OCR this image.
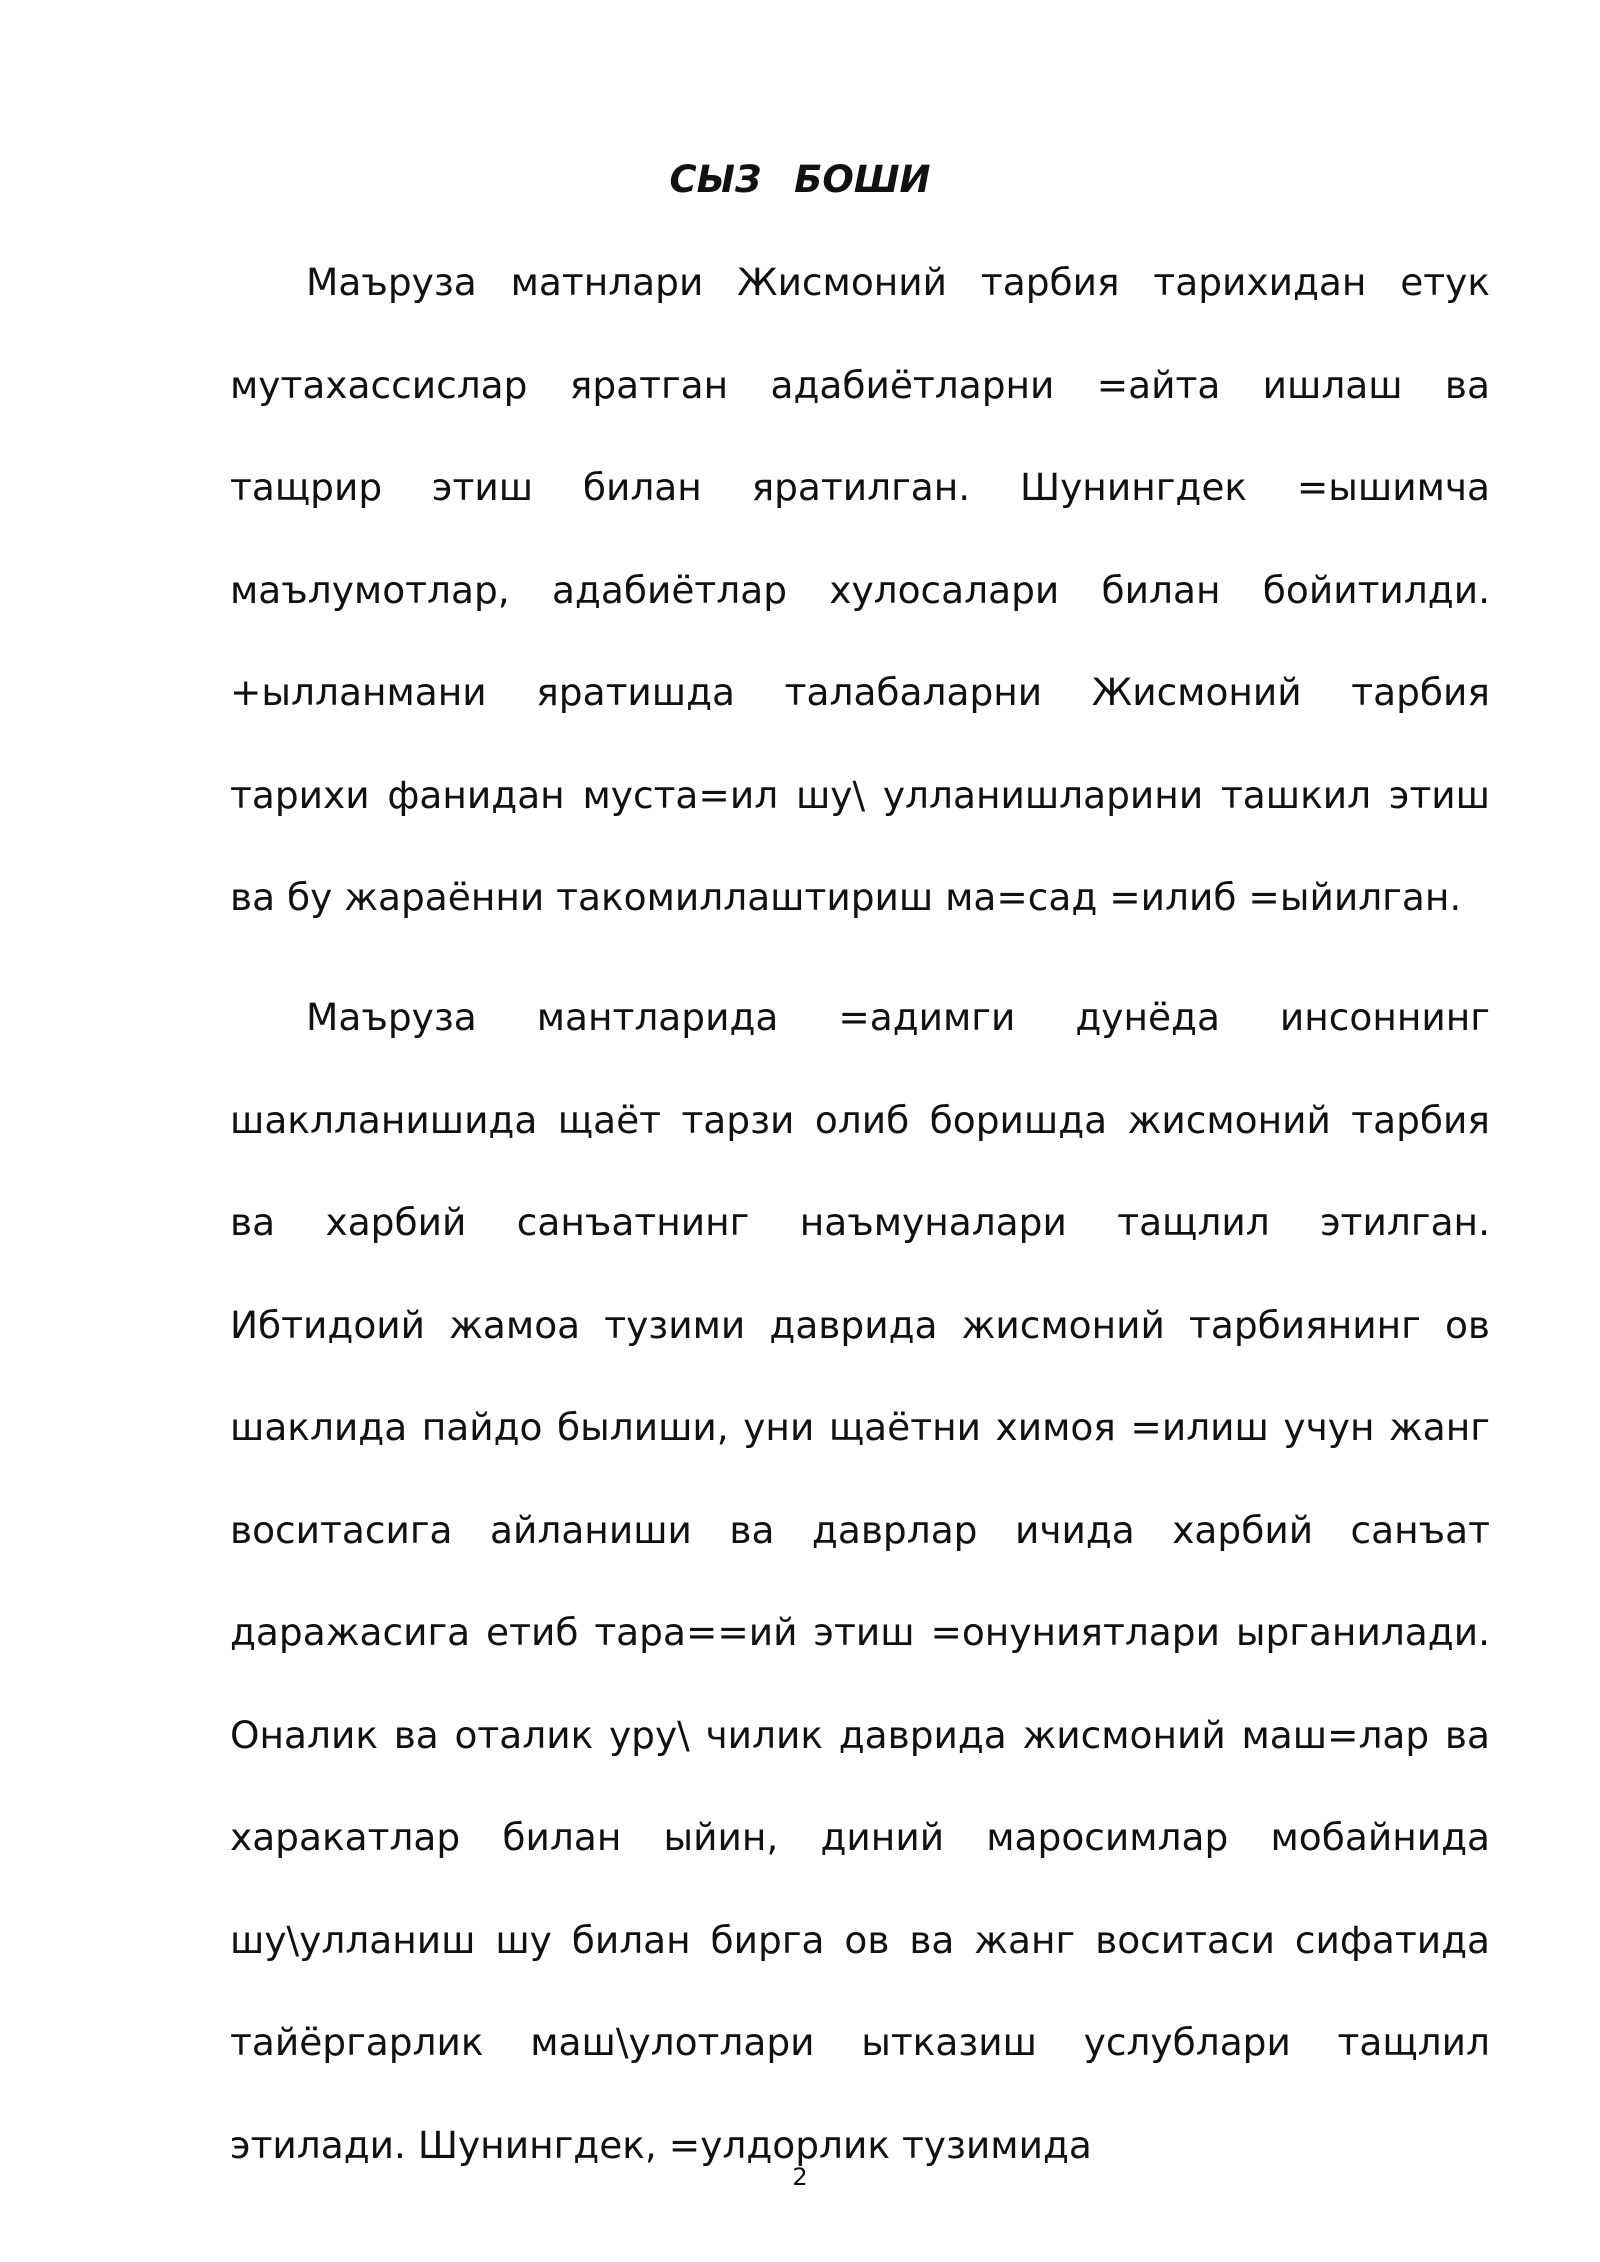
СЫЗ БОШИ

Маъруза матнлари Жисмоний тарбия тарихидан етук мутахассислар яратган адабиётларни =айта ишлаш ва тащрир этиш билан яратилган. Шунингдек =ышимча маълумотлар, адабиётлар хулосалари билан бойитилди. +ылланмани яратишда талабаларни Жисмоний тарбия тарихи фанидан муста=ил шу\ улланишларини ташкил этиш ва бу жараённи такомиллаштириш ма=сад =илиб =ыйилган.

Маъруза мантларида =адимги дунёда инсоннинг шаклланишида щаёт тарзи олиб боришда жисмоний тарбия ва харбий санъатнинг наъмуналари тащлил этилган. Ибтидоий жамоа тузими даврида жисмоний тарбиянинг ов шаклида пайдо былиши, уни щаётни химоя =илиш учун жанг воситасига айланиши ва даврлар ичида харбий санъат даражасига етиб тара==ий этиш =онуниятлари ырганилади. Оналик ва оталик уру\ чилик даврида жисмоний маш=лар ва харакатлар билан ыйин, диний маросимлар мобайнида шу\улланиш шу билан бирга ов ва жанг воситаси сифатида тайёргарлик маш\улотлари ытказиш услублари тащлил этилади. Шунингдек, =улдорлик тузимида

2
